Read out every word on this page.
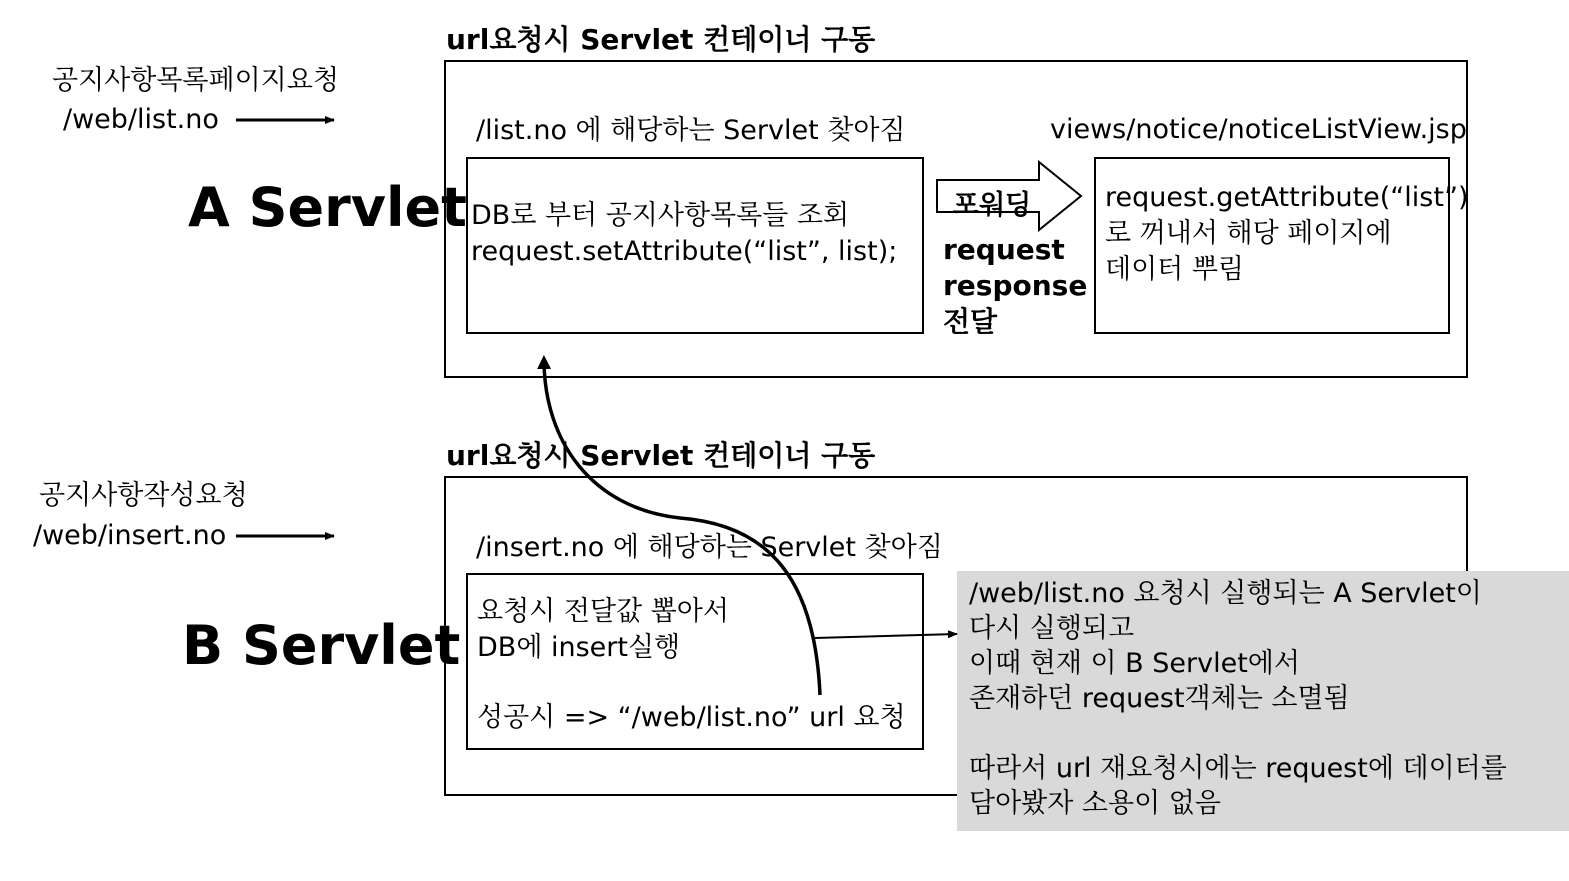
url요청시 Servlet 컨테이너 구동
공지사항목록페이지요청
/web/list.no
A Servlet
/list.no 에 해당하는 Servlet 찾아짐
DB로 부터 공지사항목록들 조회
request.setAttribute(“list”, list);
포워딩
request
response
전달
views/notice/noticeListView.jsp
request.getAttribute(“list”)
로 꺼내서 해당 페이지에
데이터 뿌림
url요청시 Servlet 컨테이너 구동
공지사항작성요청
/web/insert.no
B Servlet
/insert.no 에 해당하는 Servlet 찾아짐
요청시 전달값 뽑아서
DB에 insert실행
성공시 => “/web/list.no” url 요청
/web/list.no 요청시 실행되는 A Servlet이
다시 실행되고
이때 현재 이 B Servlet에서
존재하던 request객체는 소멸됨

따라서 url 재요청시에는 request에 데이터를
담아봤자 소용이 없음
